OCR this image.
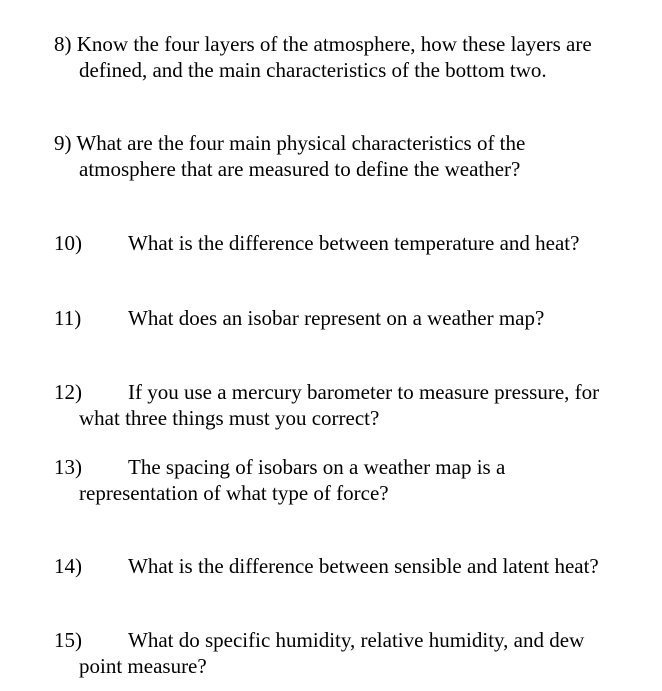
8) Know the four layers of the atmosphere, how these layers are
defined, and the main characteristics of the bottom two.
9) What are the four main physical characteristics of the
atmosphere that are measured to define the weather?
10) What is the difference between temperature and heat?
11) What does an isobar represent on a weather map?
12) If you use a mercury barometer to measure pressure, for
what three things must you correct?
13) The spacing of isobars on a weather map is a
representation of what type of force?
14) What is the difference between sensible and latent heat?
15) What do specific humidity, relative humidity, and dew
point measure?
